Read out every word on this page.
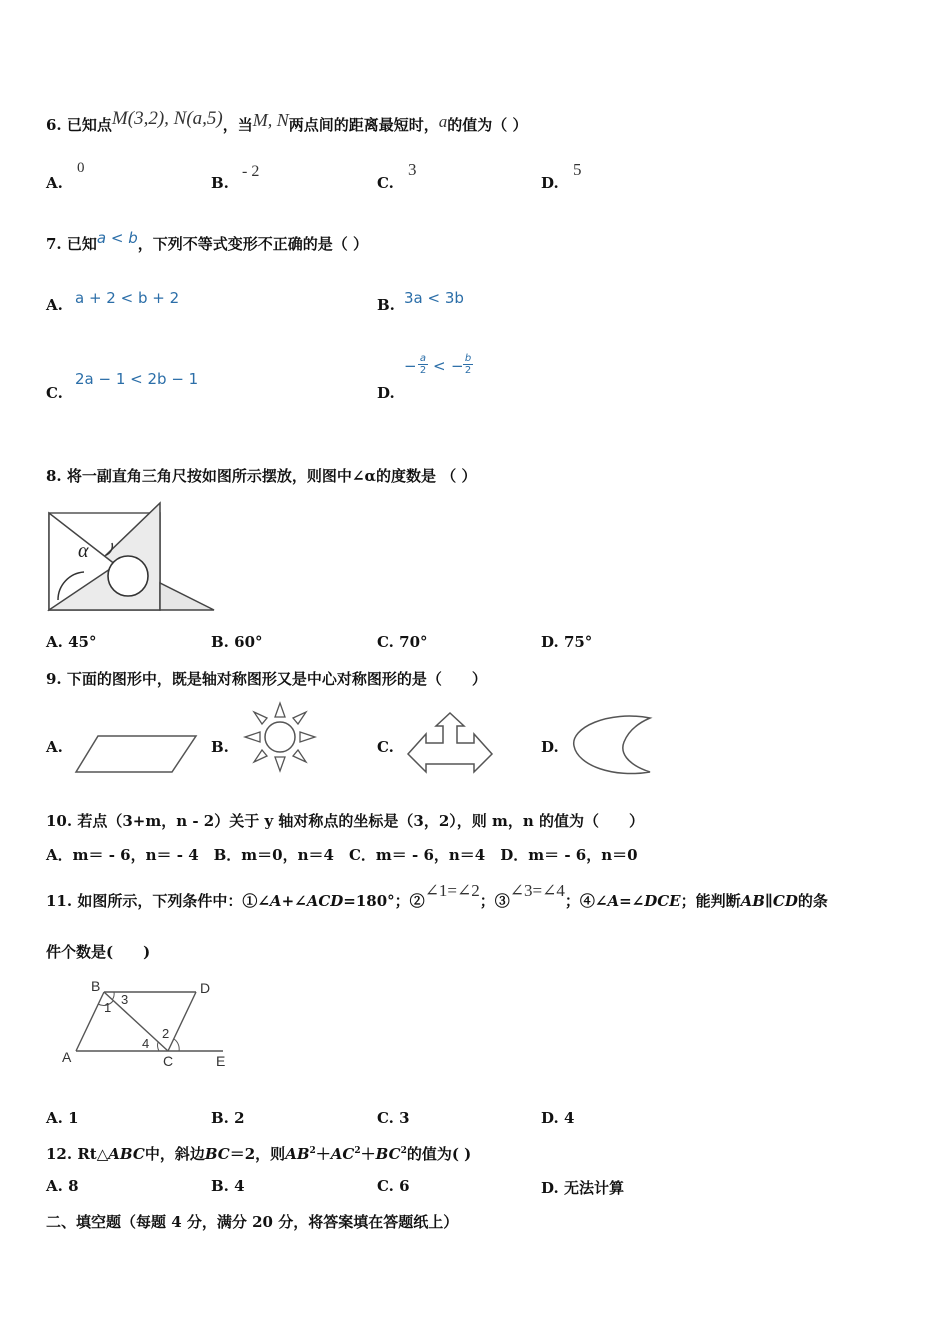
6. 已知点M(3,2), N(a,5)，当M, N两点间的距离最短时，a的值为（ ）
A.
0
B.
- 2
C.
3
D.
5
7. 已知a < b，下列不等式变形不正确的是（ ）
A. a + 2 < b + 2	B. 3a < 3b
C.
2a − 1 < 2b − 1
D.
− a
2 < − b
2
8. 将一副直角三角尺按如图所示摆放，则图中∠α的度数是 （ ）
α
A. 45°	B. 60°	C. 70°	D. 75°
9. 下面的图形中，既是轴对称图形又是中心对称图形的是（　　）
A.	B.	C.	D.
10. 若点（3+m，n - 2）关于 y 轴对称点的坐标是（3，2），则 m，n 的值为（　　）
A．m＝ - 6，n＝ - 4　B．m＝0，n＝4　C．m＝ - 6，n＝4　D．m＝ - 6，n＝0
11. 如图所示，下列条件中：①∠A+∠ACD=180°；②∠1=∠2；③∠3=∠4；④∠A=∠DCE；能判断AB∥CD的条
件个数是(　　)
B	D
A	C	E
1
3
2
4
A. 1	B. 2	C. 3	D. 4
12. Rt△ABC中，斜边BC＝2，则$AB^2+AC^2+BC^2$的值为( )
A. 8	B. 4	C. 6	D. 无法计算
二、填空题（每题 4 分，满分 20 分，将答案填在答题纸上）
